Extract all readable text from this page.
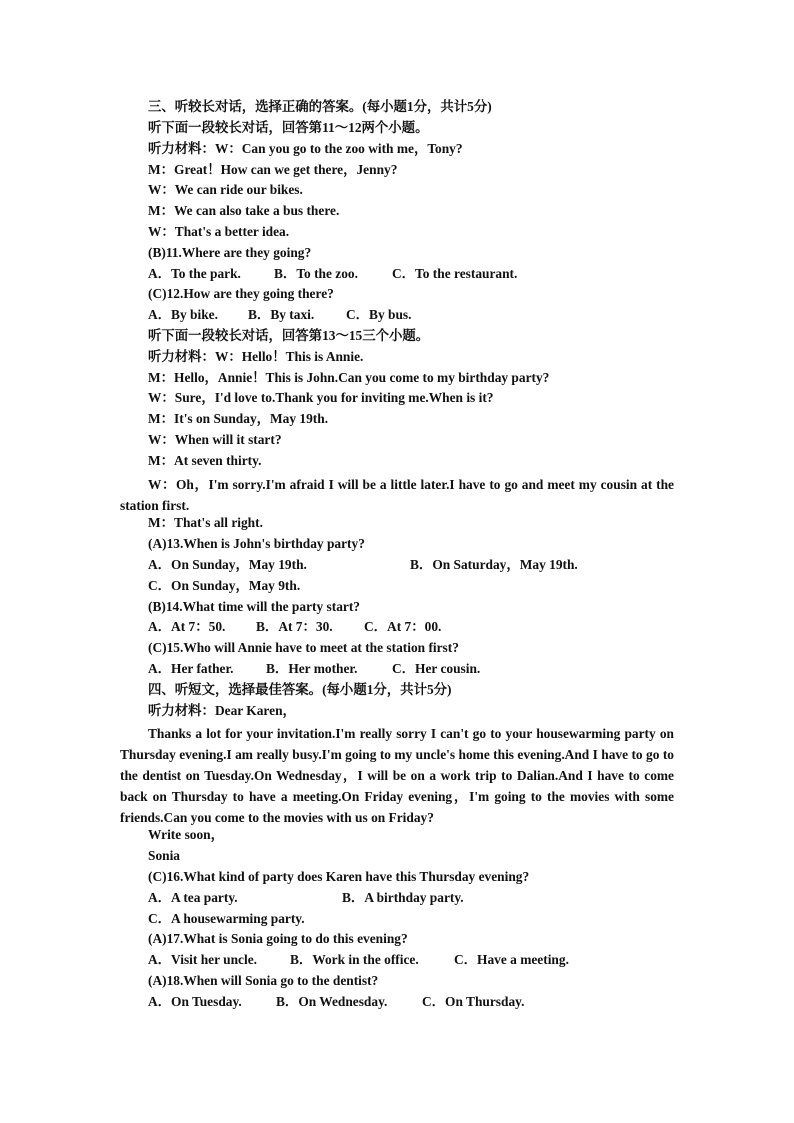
三、听较长对话，选择正确的答案。(每小题1分，共计5分)
听下面一段较长对话，回答第11～12两个小题。
听力材料：W：Can you go to the zoo with me，Tony?
M：Great！How can we get there，Jenny?
W：We can ride our bikes.
M：We can also take a bus there.
W：That's a better idea.
(B)11.Where are they going?
A．To the park. B．To the zoo.	C．To the restaurant.
(C)12.How are they going there?
A．By bike. B．By taxi. C．By bus.
听下面一段较长对话，回答第13～15三个小题。
听力材料：W：Hello！This is Annie.
M：Hello，Annie！This is John.Can you come to my birthday party?
W：Sure，I'd love to.Thank you for inviting me.When is it?
M：It's on Sunday，May 19th.
W：When will it start?
M：At seven thirty.
W：Oh，I'm sorry.I'm afraid I will be a little later.I have to go and meet my cousin at the station first.
M：That's all right.
(A)13.When is John's birthday party?
A．On Sunday，May 19th.	B．On Saturday，May 19th.
C．On Sunday，May 9th.
(B)14.What time will the party start?
A．At 7：50. B．At 7：30. C．At 7：00.
(C)15.Who will Annie have to meet at the station first?
A．Her father. B．Her mother.	C．Her cousin.
四、听短文，选择最佳答案。(每小题1分，共计5分)
听力材料：Dear Karen，
Thanks a lot for your invitation.I'm really sorry I can't go to your housewarming party on Thursday evening.I am really busy.I'm going to my uncle's home this evening.And I have to go to the dentist on Tuesday.On Wednesday，I will be on a work trip to Dalian.And I have to come back on Thursday to have a meeting.On Friday evening，I'm going to the movies with some friends.Can you come to the movies with us on Friday?
Write soon，
Sonia
(C)16.What kind of party does Karen have this Thursday evening?
A．A tea party.	B．A birthday party.
C．A housewarming party.
(A)17.What is Sonia going to do this evening?
A．Visit her uncle. B．Work in the office.	C．Have a meeting.
(A)18.When will Sonia go to the dentist?
A．On Tuesday.	B．On Wednesday.	C．On Thursday.
